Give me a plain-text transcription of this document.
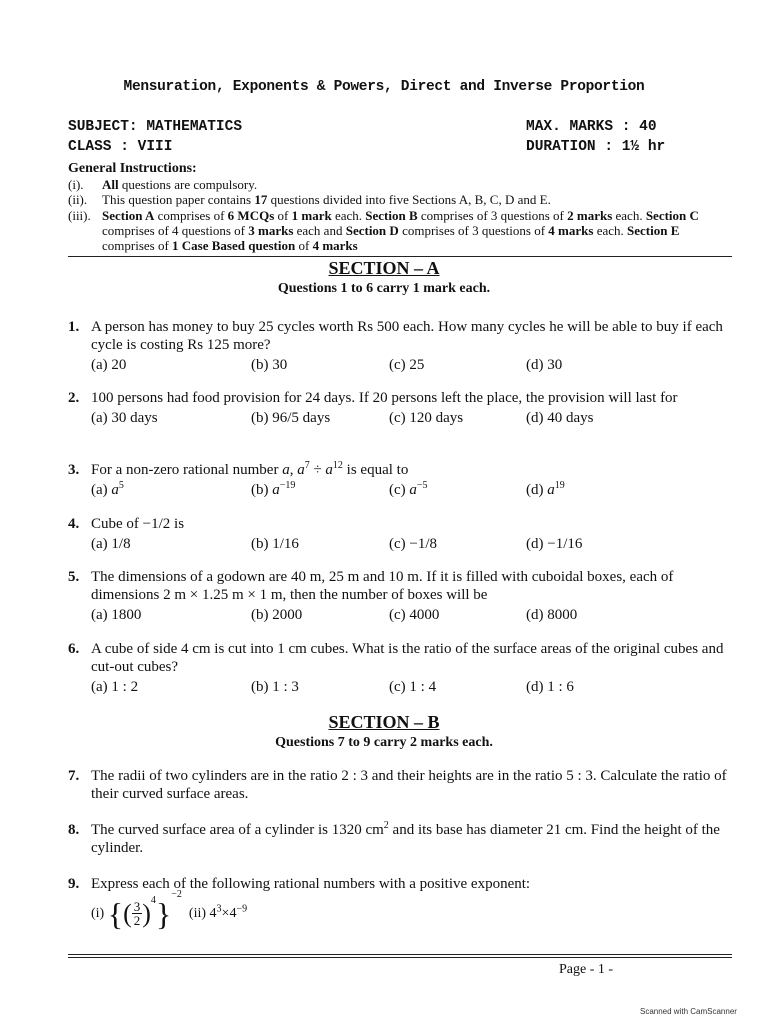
Mensuration, Exponents & Powers, Direct and Inverse Proportion
SUBJECT: MATHEMATICS	MAX. MARKS : 40
CLASS : VIII	DURATION : 1½ hr
General Instructions:
(i). All questions are compulsory.
(ii). This question paper contains 17 questions divided into five Sections A, B, C, D and E.
(iii). Section A comprises of 6 MCQs of 1 mark each. Section B comprises of 3 questions of 2 marks each. Section C comprises of 4 questions of 3 marks each and Section D comprises of 3 questions of 4 marks each. Section E comprises of 1 Case Based question of 4 marks
SECTION – A
Questions 1 to 6 carry 1 mark each.
1. A person has money to buy 25 cycles worth Rs 500 each. How many cycles he will be able to buy if each cycle is costing Rs 125 more?
(a) 20	(b) 30	(c) 25	(d) 30
2. 100 persons had food provision for 24 days. If 20 persons left the place, the provision will last for
(a) 30 days	(b) 96/5 days	(c) 120 days	(d) 40 days
3. For a non-zero rational number a, $a^7 \div a^{12}$ is equal to
(a) $a^5$	(b) $a^{-19}$	(c) $a^{-5}$	(d) $a^{19}$
4. Cube of −1/2 is
(a) 1/8	(b) 1/16	(c) −1/8	(d) −1/16
5. The dimensions of a godown are 40 m, 25 m and 10 m. If it is filled with cuboidal boxes, each of dimensions 2 m × 1.25 m × 1 m, then the number of boxes will be
(a) 1800	(b) 2000	(c) 4000	(d) 8000
6. A cube of side 4 cm is cut into 1 cm cubes. What is the ratio of the surface areas of the original cubes and cut-out cubes?
(a) 1 : 2	(b) 1 : 3	(c) 1 : 4	(d) 1 : 6
SECTION – B
Questions 7 to 9 carry 2 marks each.
7. The radii of two cylinders are in the ratio 2 : 3 and their heights are in the ratio 5 : 3. Calculate the ratio of their curved surface areas.
8. The curved surface area of a cylinder is 1320 $cm^2$ and its base has diameter 21 cm. Find the height of the cylinder.
9. Express each of the following rational numbers with a positive exponent:
(i) {( $\frac{3}{2} )^4\}^{-2}$  (ii) $4^3\times 4^{-9}$
Page - 1 -
Scanned with CamScanner
